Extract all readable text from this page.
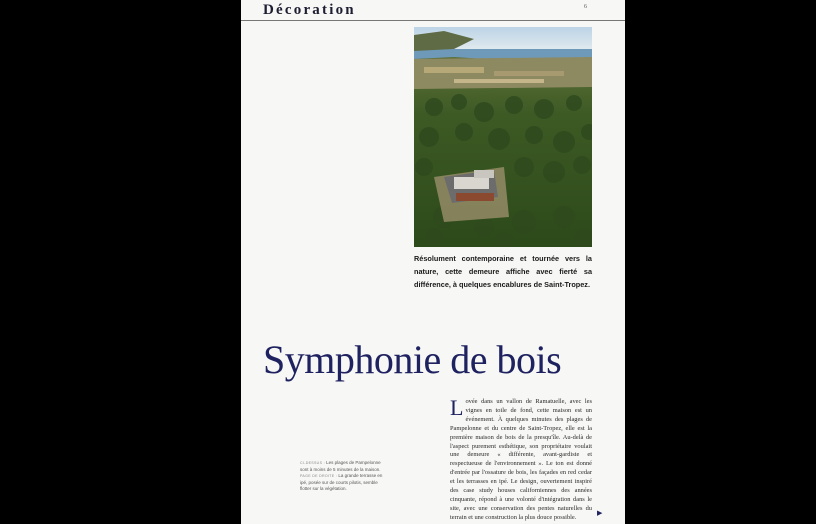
Décoration	6
Résolument contemporaine et tournée vers la nature, cette demeure affiche avec fierté sa différence, à quelques encablures de Saint-Tropez.
Symphonie de bois
Lovée dans un vallon de Ramatuelle, avec les vignes en toile de fond, cette maison est un événement. À quelques minutes des plages de Pampelonne et du centre de Saint-Tropez, elle est la première maison de bois de la presqu'île. Au-delà de l'aspect purement esthétique, son propriétaire voulait une demeure « différente, avant-gardiste et respectueuse de l'environnement ». Le ton est donné d'entrée par l'ossature de bois, les façades en red cedar et les terrasses en ipé. Le design, ouvertement inspiré des case study houses californiennes des années cinquante, répond à une volonté d'intégration dans le site, avec une conservation des pentes naturelles du terrain et une construction la plus douce possible.
▶
CI-DESSUS : Les plages de Pampelonne sont à moins de 5 minutes de la maison.
PAGE DE DROITE : La grande terrasse en ipé, posée sur de courts pilotis, semble flotter sur la végétation.
